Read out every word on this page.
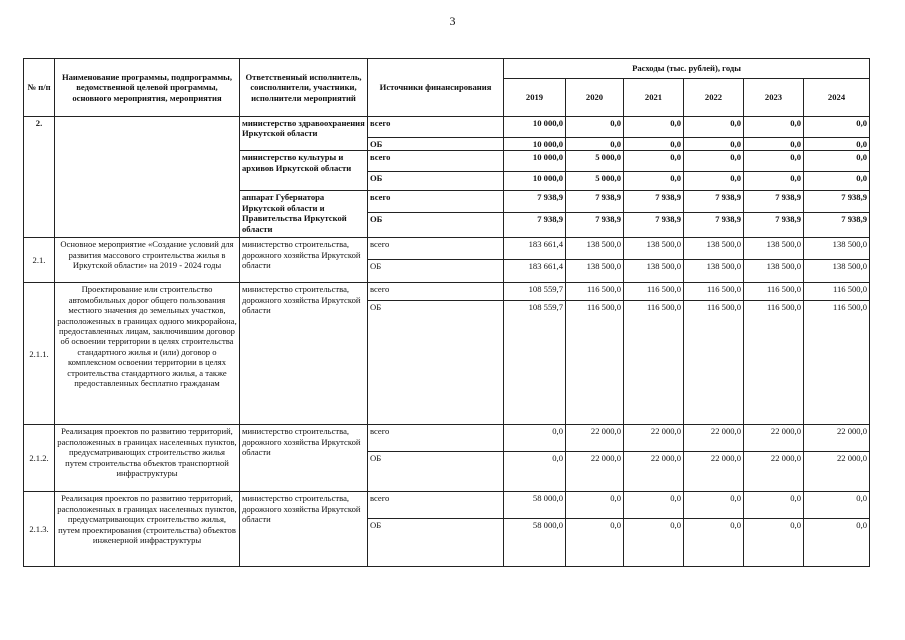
3
№ п/п	Наименование программы, подпрограммы, ведомственной целевой программы, основного мероприятия, мероприятия	Ответственный исполнитель, соисполнители, участники, исполнители мероприятий	Источники финансирования	Расходы (тыс. рублей), годы					
				2019	2020	2021	2022	2023	2024
2.		министерство здравоохранения Иркутской области	всего	10 000,0	0,0	0,0	0,0	0,0	0,0
			ОБ	10 000,0	0,0	0,0	0,0	0,0	0,0
		министерство культуры и архивов Иркутской области	всего	10 000,0	5 000,0	0,0	0,0	0,0	0,0
			ОБ	10 000,0	5 000,0	0,0	0,0	0,0	0,0
		аппарат Губернатора Иркутской области и Правительства Иркутской области	всего	7 938,9	7 938,9	7 938,9	7 938,9	7 938,9	7 938,9
			ОБ	7 938,9	7 938,9	7 938,9	7 938,9	7 938,9	7 938,9
2.1.	Основное мероприятие «Создание условий для развития массового строительства жилья в Иркутской области» на 2019 - 2024 годы	министерство строительства, дорожного хозяйства Иркутской области	всего	183 661,4	138 500,0	138 500,0	138 500,0	138 500,0	138 500,0
			ОБ	183 661,4	138 500,0	138 500,0	138 500,0	138 500,0	138 500,0
2.1.1.	Проектирование или строительство автомобильных дорог общего пользования местного значения до земельных участков, расположенных в границах одного микрорайона, предоставленных лицам, заключившим договор об освоении территории в целях строительства стандартного жилья и (или) договор о комплексном освоении территории в целях строительства стандартного жилья, а также предоставленных бесплатно гражданам	министерство строительства, дорожного хозяйства Иркутской области	всего	108 559,7	116 500,0	116 500,0	116 500,0	116 500,0	116 500,0
			ОБ	108 559,7	116 500,0	116 500,0	116 500,0	116 500,0	116 500,0
2.1.2.	Реализация проектов по развитию территорий, расположенных в границах населенных пунктов, предусматривающих строительство жилья путем строительства объектов транспортной инфраструктуры	министерство строительства, дорожного хозяйства Иркутской области	всего	0,0	22 000,0	22 000,0	22 000,0	22 000,0	22 000,0
			ОБ	0,0	22 000,0	22 000,0	22 000,0	22 000,0	22 000,0
2.1.3.	Реализация проектов по развитию территорий, расположенных в границах населенных пунктов, предусматривающих строительство жилья, путем проектирования (строительства) объектов инженерной инфраструктуры	министерство строительства, дорожного хозяйства Иркутской области	всего	58 000,0	0,0	0,0	0,0	0,0	0,0
			ОБ	58 000,0	0,0	0,0	0,0	0,0	0,0
